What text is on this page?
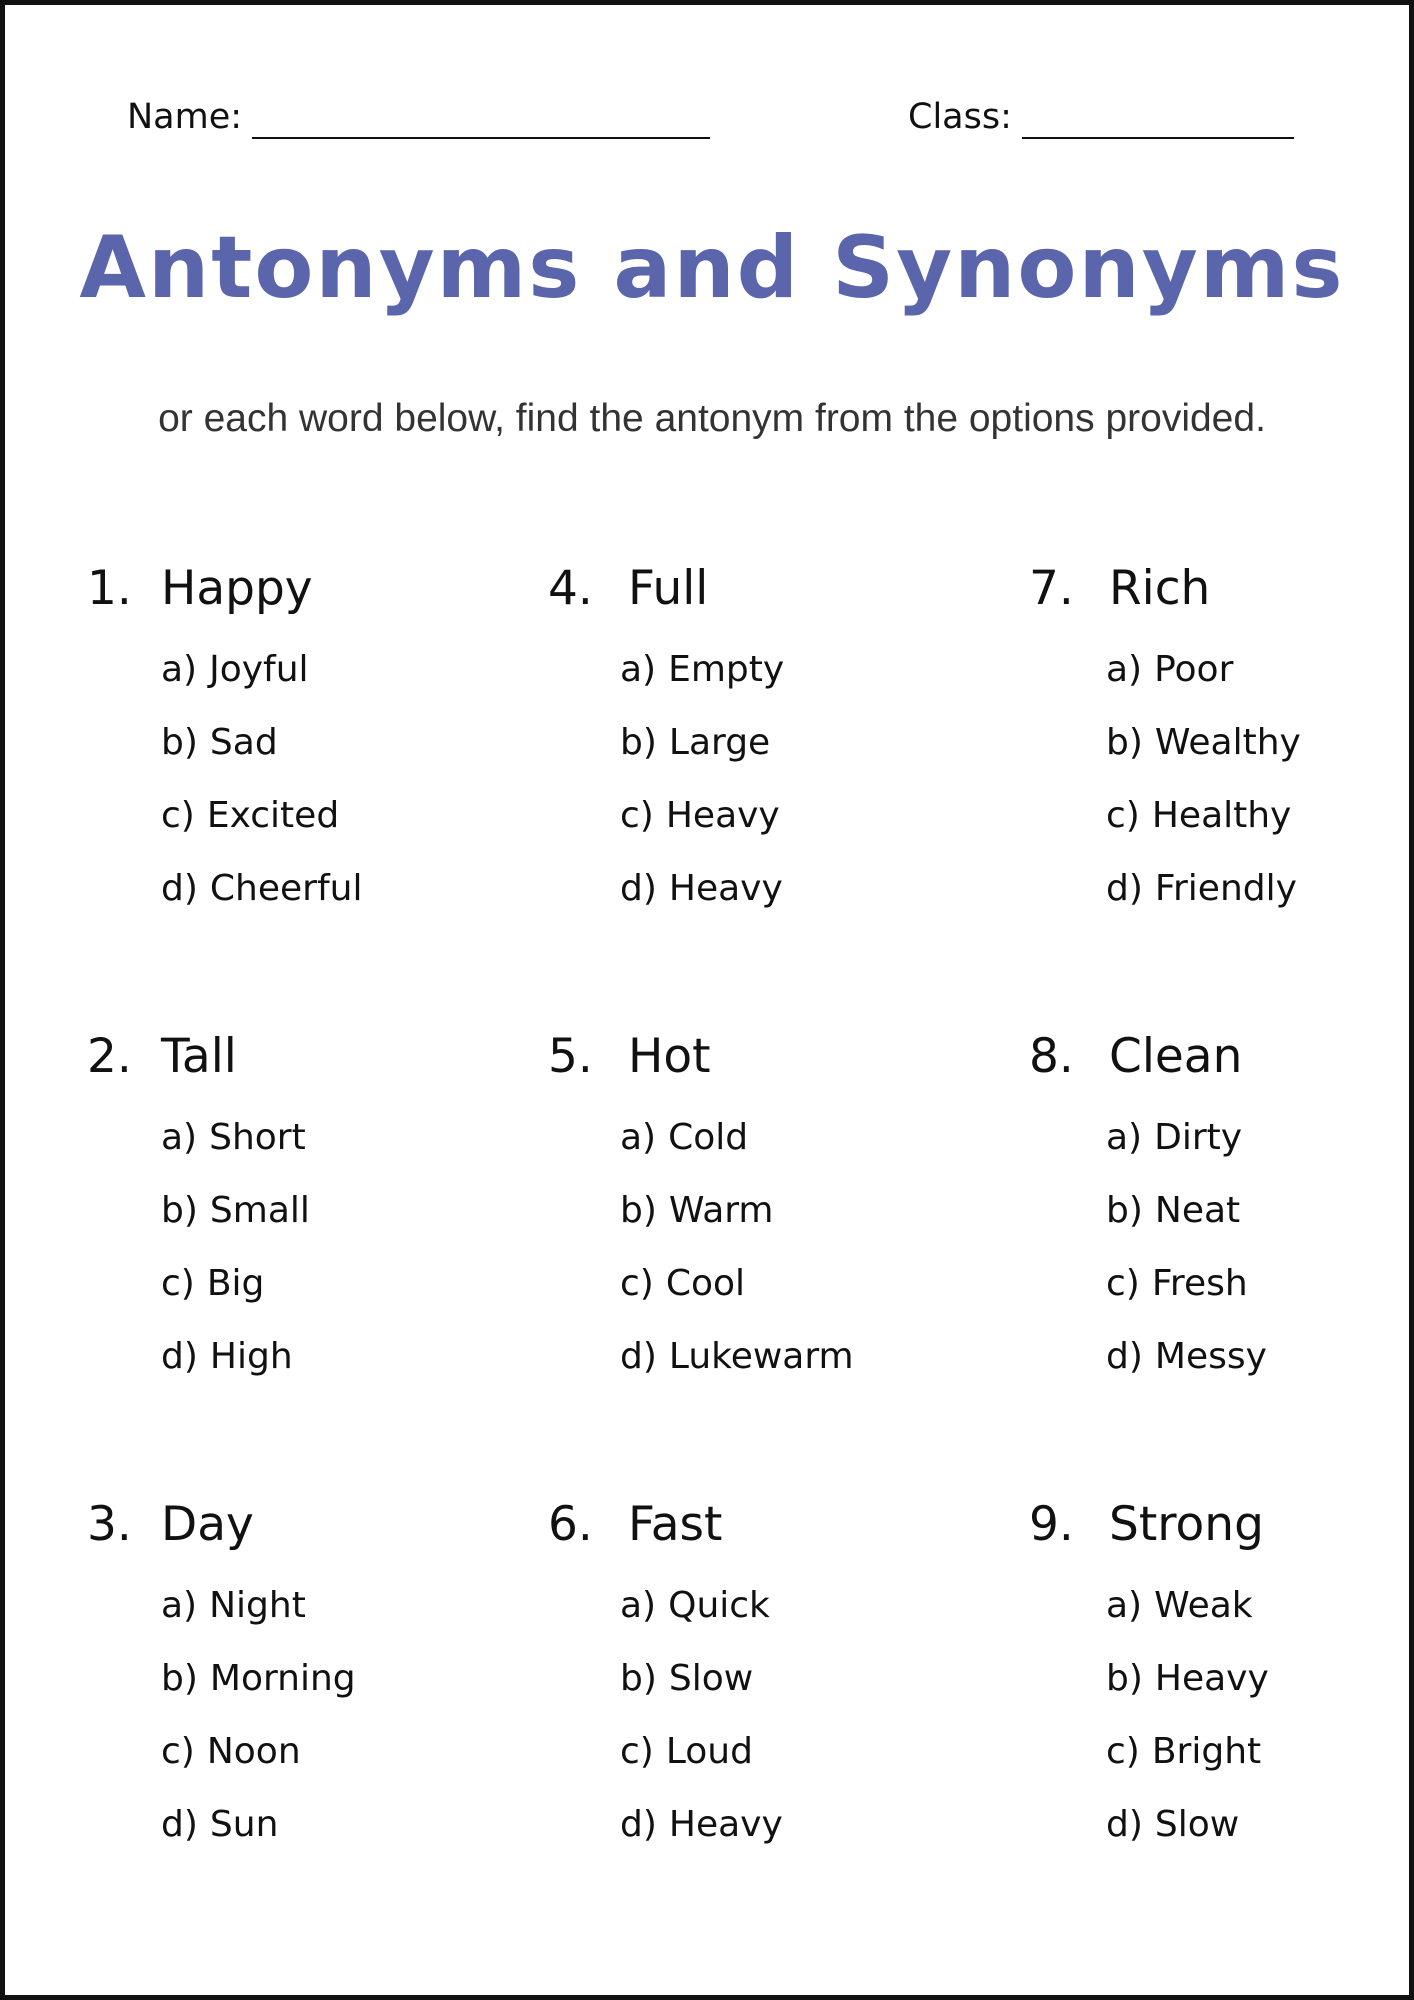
Name:	Class:
Antonyms and Synonyms

or each word below, find the antonym from the options provided.

1. Happy
a) Joyful
b) Sad
c) Excited
d) Cheerful
2. Tall
a) Short
b) Small
c) Big
d) High
3. Day
a) Night
b) Morning
c) Noon
d) Sun
4. Full
a) Empty
b) Large
c) Heavy
d) Heavy
5. Hot
a) Cold
b) Warm
c) Cool
d) Lukewarm
6. Fast
a) Quick
b) Slow
c) Loud
d) Heavy
7. Rich
a) Poor
b) Wealthy
c) Healthy
d) Friendly
8. Clean
a) Dirty
b) Neat
c) Fresh
d) Messy
9. Strong
a) Weak
b) Heavy
c) Bright
d) Slow
